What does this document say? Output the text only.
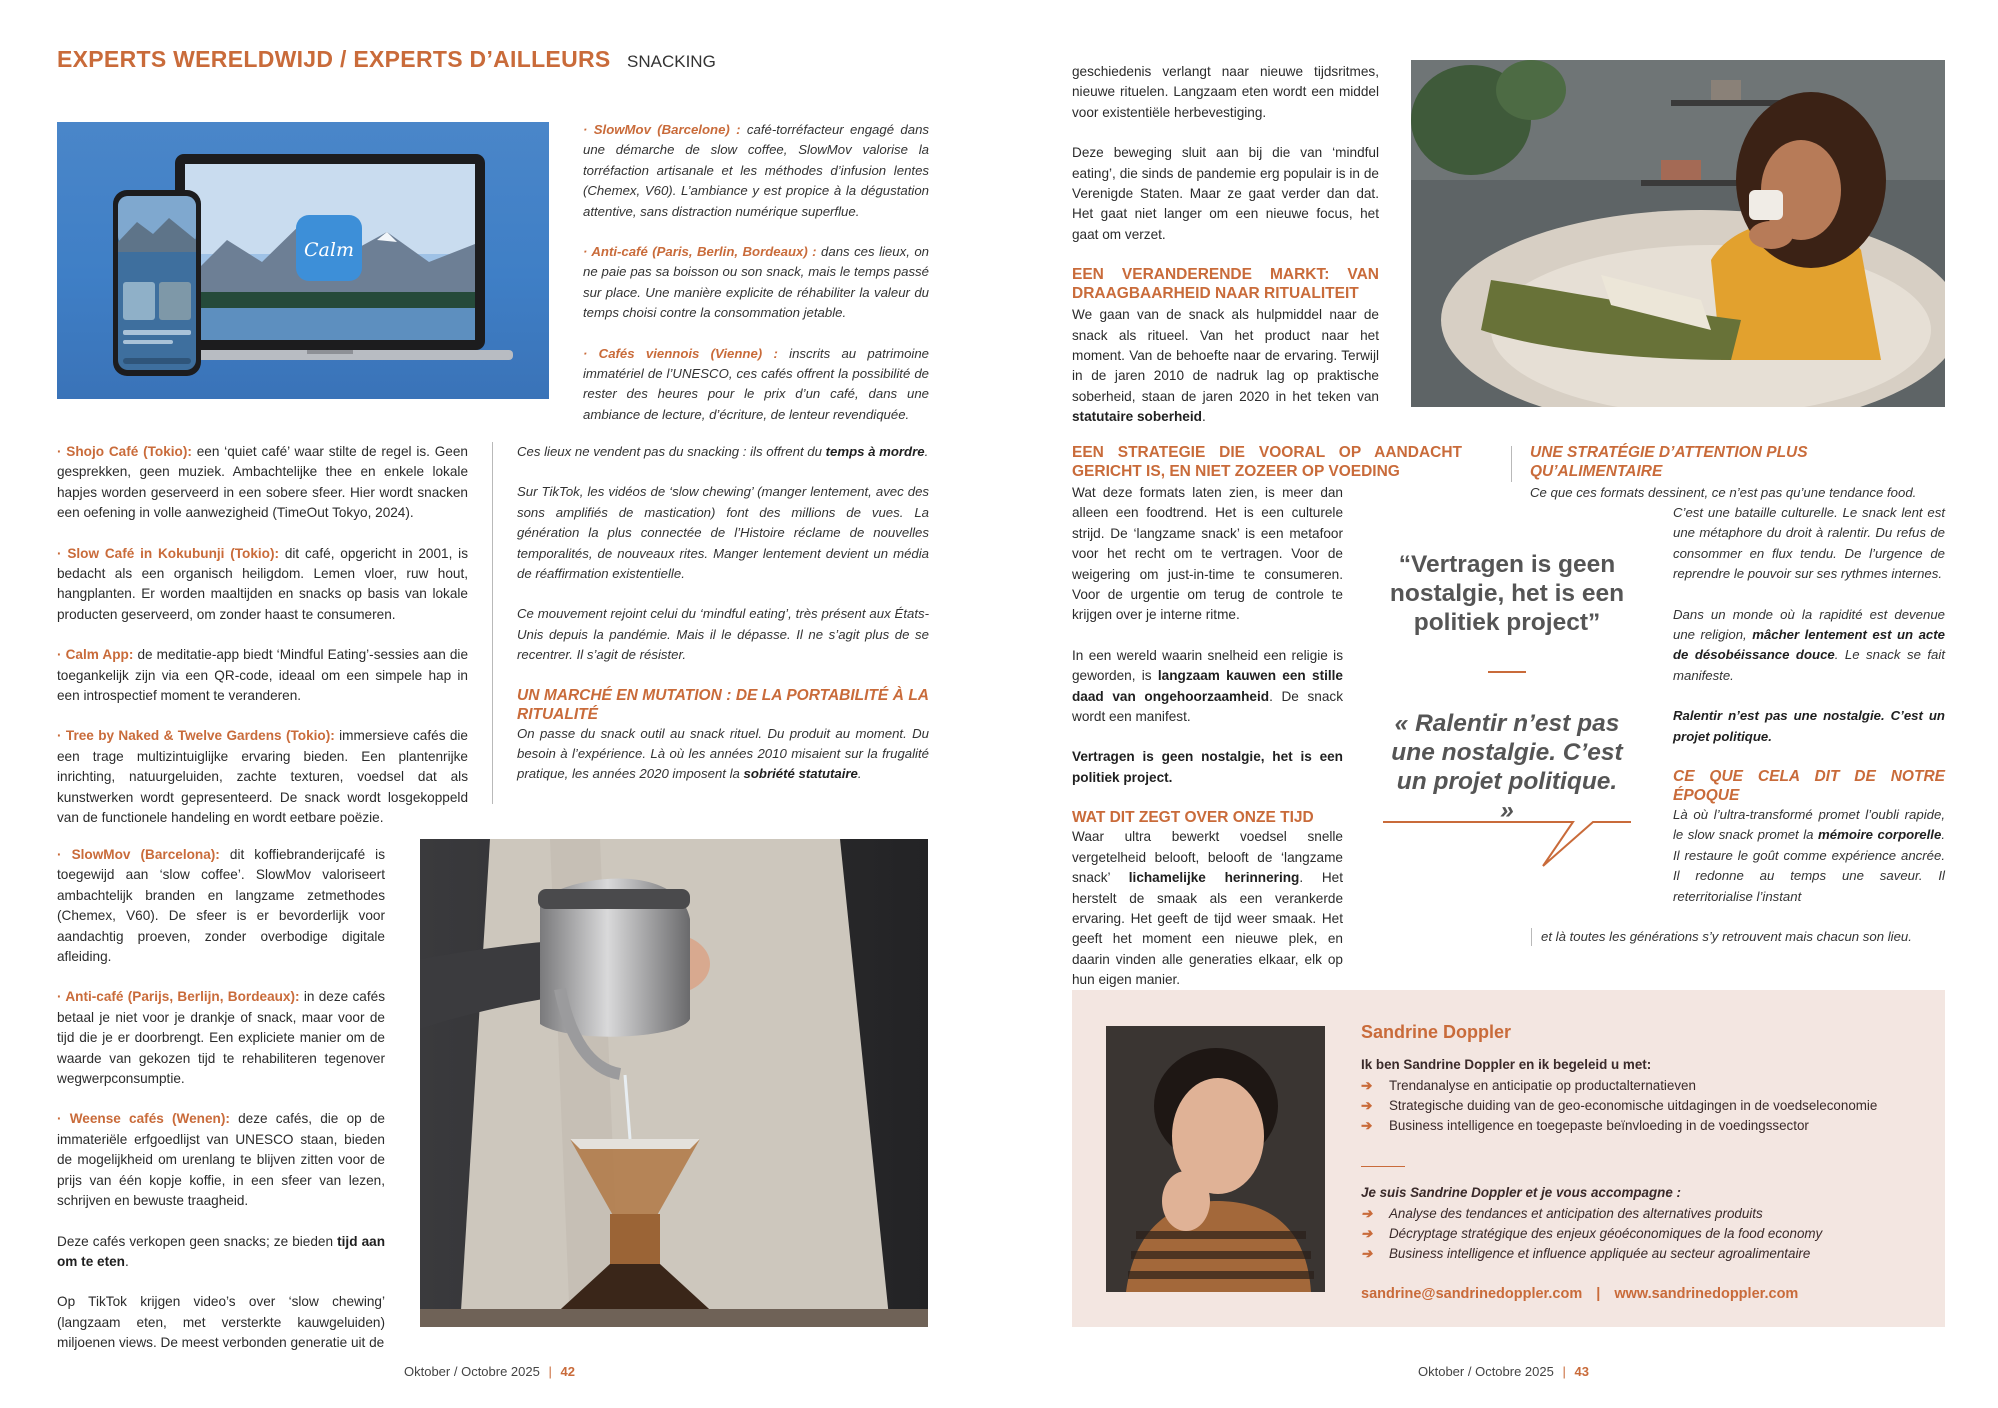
EXPERTS WERELDWIJD / EXPERTS D’AILLEURS SNACKING
Calm

· SlowMov (Barcelone) : café-torréfacteur engagé dans une démarche de slow coffee, SlowMov valorise la torréfaction artisanale et les méthodes d’infusion lentes (Chemex, V60). L’ambiance y est propice à la dégustation attentive, sans distraction numérique superflue.

· Anti-café (Paris, Berlin, Bordeaux) : dans ces lieux, on ne paie pas sa boisson ou son snack, mais le temps passé sur place. Une manière explicite de réhabiliter la valeur du temps choisi contre la consommation jetable.

· Cafés viennois (Vienne) : inscrits au patrimoine immatériel de l’UNESCO, ces cafés offrent la possibilité de rester des heures pour le prix d’un café, dans une ambiance de lecture, d’écriture, de lenteur revendiquée.

· Shojo Café (Tokio): een ‘quiet café’ waar stilte de regel is. Geen gesprekken, geen muziek. Ambachtelijke thee en enkele lokale hapjes worden geserveerd in een sobere sfeer. Hier wordt snacken een oefening in volle aanwezigheid (TimeOut Tokyo, 2024).

· Slow Café in Kokubunji (Tokio): dit café, opgericht in 2001, is bedacht als een organisch heiligdom. Lemen vloer, ruw hout, hangplanten. Er worden maaltijden en snacks op basis van lokale producten geserveerd, om zonder haast te consumeren.

· Calm App: de meditatie-app biedt ‘Mindful Eating’-sessies aan die toegankelijk zijn via een QR-code, ideaal om een simpele hap in een introspectief moment te veranderen.

· Tree by Naked & Twelve Gardens (Tokio): immersieve cafés die een trage multizintuiglijke ervaring bieden. Een plantenrijke inrichting, natuurgeluiden, zachte texturen, voedsel dat als kunstwerken wordt gepresenteerd. De snack wordt losgekoppeld van de functionele handeling en wordt eetbare poëzie.

· SlowMov (Barcelona): dit koffiebranderijcafé is toegewijd aan ‘slow coffee’. SlowMov valoriseert ambachtelijk branden en langzame zetmethodes (Chemex, V60). De sfeer is er bevorderlijk voor aandachtig proeven, zonder overbodige digitale afleiding.

· Anti-café (Parijs, Berlijn, Bordeaux): in deze cafés betaal je niet voor je drankje of snack, maar voor de tijd die je er doorbrengt. Een expliciete manier om de waarde van gekozen tijd te rehabiliteren tegenover wegwerpconsumptie.

· Weense cafés (Wenen): deze cafés, die op de immateriële erfgoedlijst van UNESCO staan, bieden de mogelijkheid om urenlang te blijven zitten voor de prijs van één kopje koffie, in een sfeer van lezen, schrijven en bewuste traagheid.

Deze cafés verkopen geen snacks; ze bieden tijd aan om te eten.

Op TikTok krijgen video’s over ‘slow chewing’ (langzaam eten, met versterkte kauwgeluiden) miljoenen views. De meest verbonden generatie uit de

Ces lieux ne vendent pas du snacking : ils offrent du temps à mordre.

Sur TikTok, les vidéos de ‘slow chewing’ (manger lentement, avec des sons amplifiés de mastication) font des millions de vues. La génération la plus connectée de l’Histoire réclame de nouvelles temporalités, de nouveaux rites. Manger lentement devient un média de réaffirmation existentielle.

Ce mouvement rejoint celui du ‘mindful eating’, très présent aux États-Unis depuis la pandémie. Mais il le dépasse. Il ne s’agit plus de se recentrer. Il s’agit de résister.

UN MARCHÉ EN MUTATION : DE LA PORTABILITÉ À LA RITUALITÉ

On passe du snack outil au snack rituel. Du produit au moment. Du besoin à l’expérience. Là où les années 2010 misaient sur la frugalité pratique, les années 2020 imposent la sobriété statutaire.

geschiedenis verlangt naar nieuwe tijdsritmes, nieuwe rituelen. Langzaam eten wordt een middel voor existentiële herbevestiging.

Deze beweging sluit aan bij die van ‘mindful eating’, die sinds de pandemie erg populair is in de Verenigde Staten. Maar ze gaat verder dan dat. Het gaat niet langer om een nieuwe focus, het gaat om verzet.

EEN VERANDERENDE MARKT: VAN DRAAGBAARHEID NAAR RITUALITEIT

We gaan van de snack als hulpmiddel naar de snack als ritueel. Van het product naar het moment. Van de behoefte naar de ervaring. Terwijl in de jaren 2010 de nadruk lag op praktische soberheid, staan de jaren 2020 in het teken van statutaire soberheid.

EEN STRATEGIE DIE VOORAL OP AANDACHT GERICHT IS, EN NIET ZOZEER OP VOEDING

Wat deze formats laten zien, is meer dan alleen een foodtrend. Het is een culturele strijd. De ‘langzame snack’ is een metafoor voor het recht om te vertragen. Voor de weigering om just-in-time te consumeren. Voor de urgentie om terug de controle te krijgen over je interne ritme.

In een wereld waarin snelheid een religie is geworden, is langzaam kauwen een stille daad van ongehoorzaamheid. De snack wordt een manifest.

Vertragen is geen nostalgie, het is een politiek project.

WAT DIT ZEGT OVER ONZE TIJD

Waar ultra bewerkt voedsel snelle vergetelheid belooft, belooft de ‘langzame snack’ lichamelijke herinnering. Het herstelt de smaak als een verankerde ervaring. Het geeft de tijd weer smaak. Het geeft het moment een nieuwe plek, en daarin vinden alle generaties elkaar, elk op hun eigen manier.

“Vertragen is geen nostalgie, het is een politiek project”
« Ralentir n’est pas une nostalgie. C’est un projet politique. »
UNE STRATÉGIE D’ATTENTION PLUS QU’ALIMENTAIRE

Ce que ces formats dessinent, ce n’est pas qu’une tendance food.

C’est une bataille culturelle. Le snack lent est une métaphore du droit à ralentir. Du refus de consommer en flux tendu. De l’urgence de reprendre le pouvoir sur ses rythmes internes.

Dans un monde où la rapidité est devenue une religion, mâcher lentement est un acte de désobéissance douce. Le snack se fait manifeste.

Ralentir n’est pas une nostalgie. C’est un projet politique.

CE QUE CELA DIT DE NOTRE ÉPOQUE

Là où l’ultra-transformé promet l’oubli rapide, le slow snack promet la mémoire corporelle. Il restaure le goût comme expérience ancrée. Il redonne au temps une saveur. Il reterritorialise l’instant

et là toutes les générations s’y retrouvent mais chacun son lieu.
Sandrine Doppler
Ik ben Sandrine Doppler en ik begeleid u met:
➔ Trendanalyse en anticipatie op productalternatieven
➔ Strategische duiding van de geo-economische uitdagingen in de voedseleconomie
➔ Business intelligence en toegepaste beïnvloeding in de voedingssector
Je suis Sandrine Doppler et je vous accompagne :
➔ Analyse des tendances et anticipation des alternatives produits
➔ Décryptage stratégique des enjeux géoéconomiques de la food economy
➔ Business intelligence et influence appliquée au secteur agroalimentaire
sandrine@sandrinedoppler.com | www.sandrinedoppler.com
Oktober / Octobre 2025 | 42	Oktober / Octobre 2025 | 43
